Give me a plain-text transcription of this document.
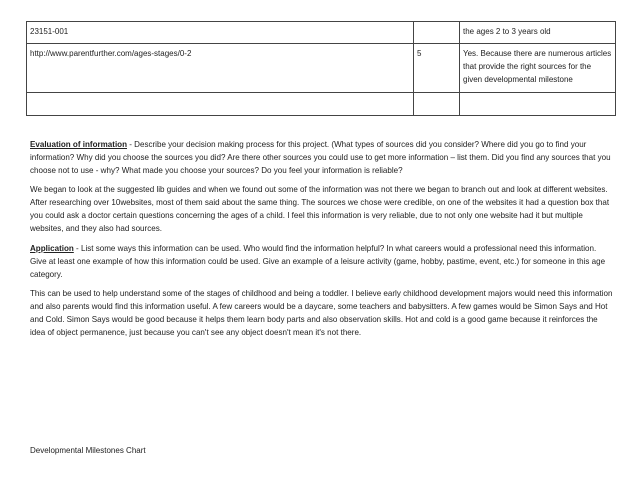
23151-001		the ages 2 to 3 years old
http://www.parentfurther.com/ages-stages/0-2	5	Yes. Because there are numerous articles that provide the right sources for the given developmental milestone

Evaluation of information - Describe your decision making process for this project. (What types of sources did you consider? Where did you go to find your information? Why did you choose the sources you did? Are there other sources you could use to get more information – list them. Did you find any sources that you choose not to use - why? What made you choose your sources? Do you feel your information is reliable?

We began to look at the suggested lib guides and when we found out some of the information was not there we began to branch out and look at different websites. After researching over 10websites, most of them said about the same thing. The sources we chose were credible, on one of the websites it had a question box that you could ask a doctor certain questions concerning the ages of a child. I feel this information is very reliable, due to not only one website had it but multiple websites, and they also had sources.

Application - List some ways this information can be used. Who would find the information helpful? In what careers would a professional need this information. Give at least one example of how this information could be used. Give an example of a leisure activity (game, hobby, pastime, event, etc.) for someone in this age category.

This can be used to help understand some of the stages of childhood and being a toddler. I believe early childhood development majors would need this information and also parents would find this information useful. A few careers would be a daycare, some teachers and babysitters. A few games would be Simon Says and Hot and Cold. Simon Says would be good because it helps them learn body parts and also observation skills. Hot and cold is a good game because it reinforces the idea of object permanence, just because you can't see any object doesn't mean it's not there.

Developmental Milestones Chart
